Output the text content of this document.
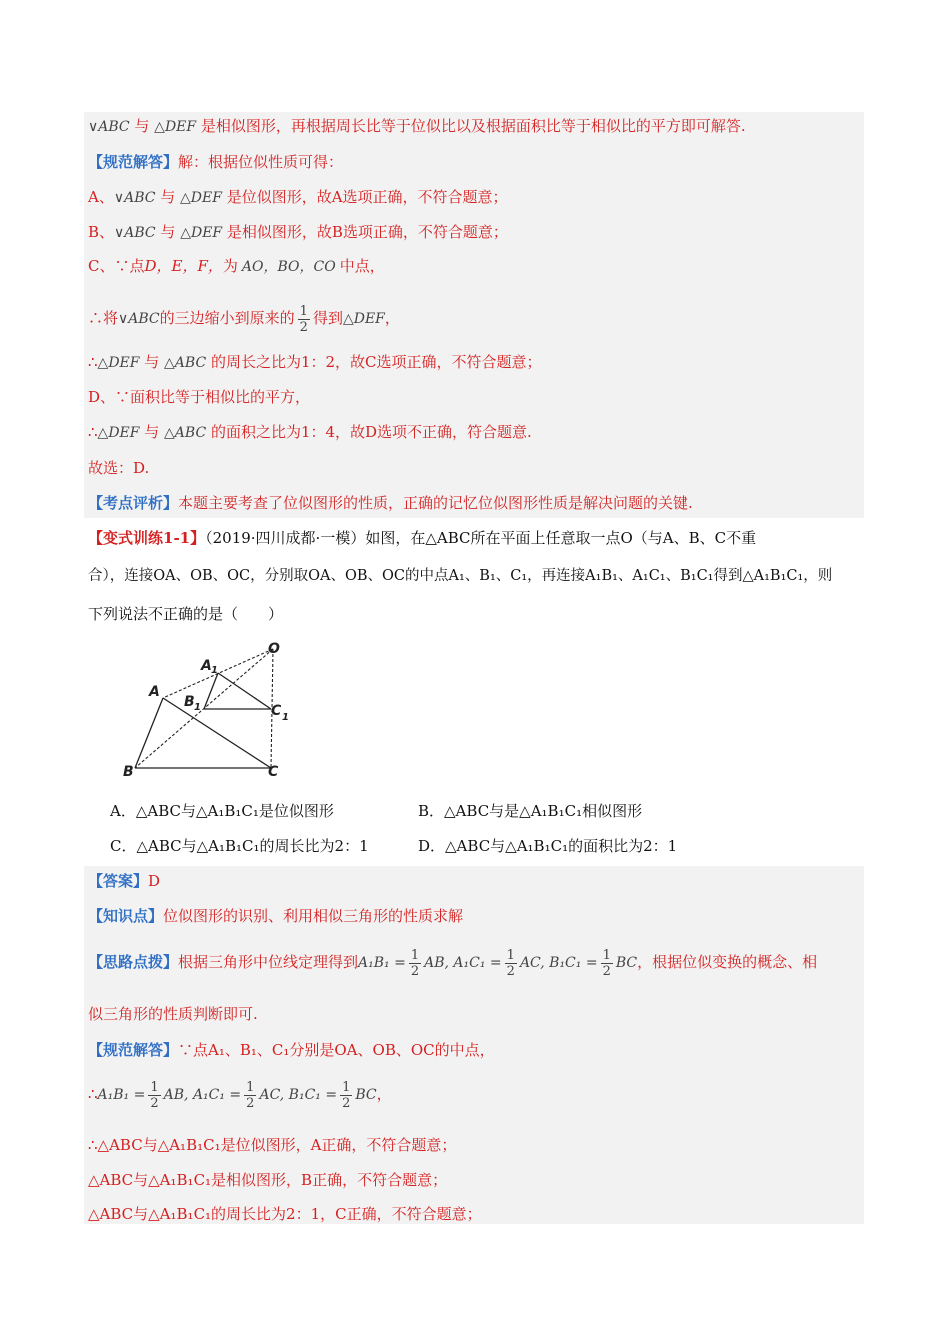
∨ABC 与 △DEF 是相似图形，再根据周长比等于位似比以及根据面积比等于相似比的平方即可解答.
【规范解答】解：根据位似性质可得：
A、∨ABC 与 △DEF 是位似图形，故A选项正确，不符合题意；
B、∨ABC 与 △DEF 是相似图形，故B选项正确，不符合题意；
C、∵点D，E，F，为 AO，BO，CO 中点，
∴将∨ABC的三边缩小到原来的 $\frac{1}{2}$ 得到△DEF，
∴△DEF 与 △ABC 的周长之比为1：2，故C选项正确，不符合题意；
D、∵面积比等于相似比的平方，
∴△DEF 与 △ABC 的面积之比为1：4，故D选项不正确，符合题意.
故选：D.
【考点评析】本题主要考查了位似图形的性质，正确的记忆位似图形性质是解决问题的关键.
【变式训练1-1】（2019·四川成都·一模）如图，在△ABC所在平面上任意取一点O（与A、B、C不重
合），连接OA、OB、OC，分别取OA、OB、OC的中点A₁、B₁、C₁，再连接A₁B₁、A₁C₁、B₁C₁得到△A₁B₁C₁，则
下列说法不正确的是（　　）
O
A 1
A
B 1	C 1
B	C
A．△ABC与△A₁B₁C₁是位似图形	B．△ABC与是△A₁B₁C₁相似图形
C．△ABC与△A₁B₁C₁的周长比为2：1	D．△ABC与△A₁B₁C₁的面积比为2：1
【答案】D
【知识点】位似图形的识别、利用相似三角形的性质求解
【思路点拨】根据三角形中位线定理得到$A_1B_1 = \frac{1}{2}$ AB, $A_1C_1 = \frac{1}{2}$ AC, $B_1C_1 = \frac{1}{2}$ BC，根据位似变换的概念、相
似三角形的性质判断即可.
【规范解答】∵点A₁、B₁、C₁分别是OA、OB、OC的中点，
∴A₁B₁ = $\frac{1}{2}$ AB, $A_1C_1 = \frac{1}{2}$ AC, $B_1C_1 = \frac{1}{2}$ BC，
∴△ABC与△A₁B₁C₁是位似图形，A正确，不符合题意；
△ABC与△A₁B₁C₁是相似图形，B正确，不符合题意；
△ABC与△A₁B₁C₁的周长比为2：1，C正确，不符合题意；
